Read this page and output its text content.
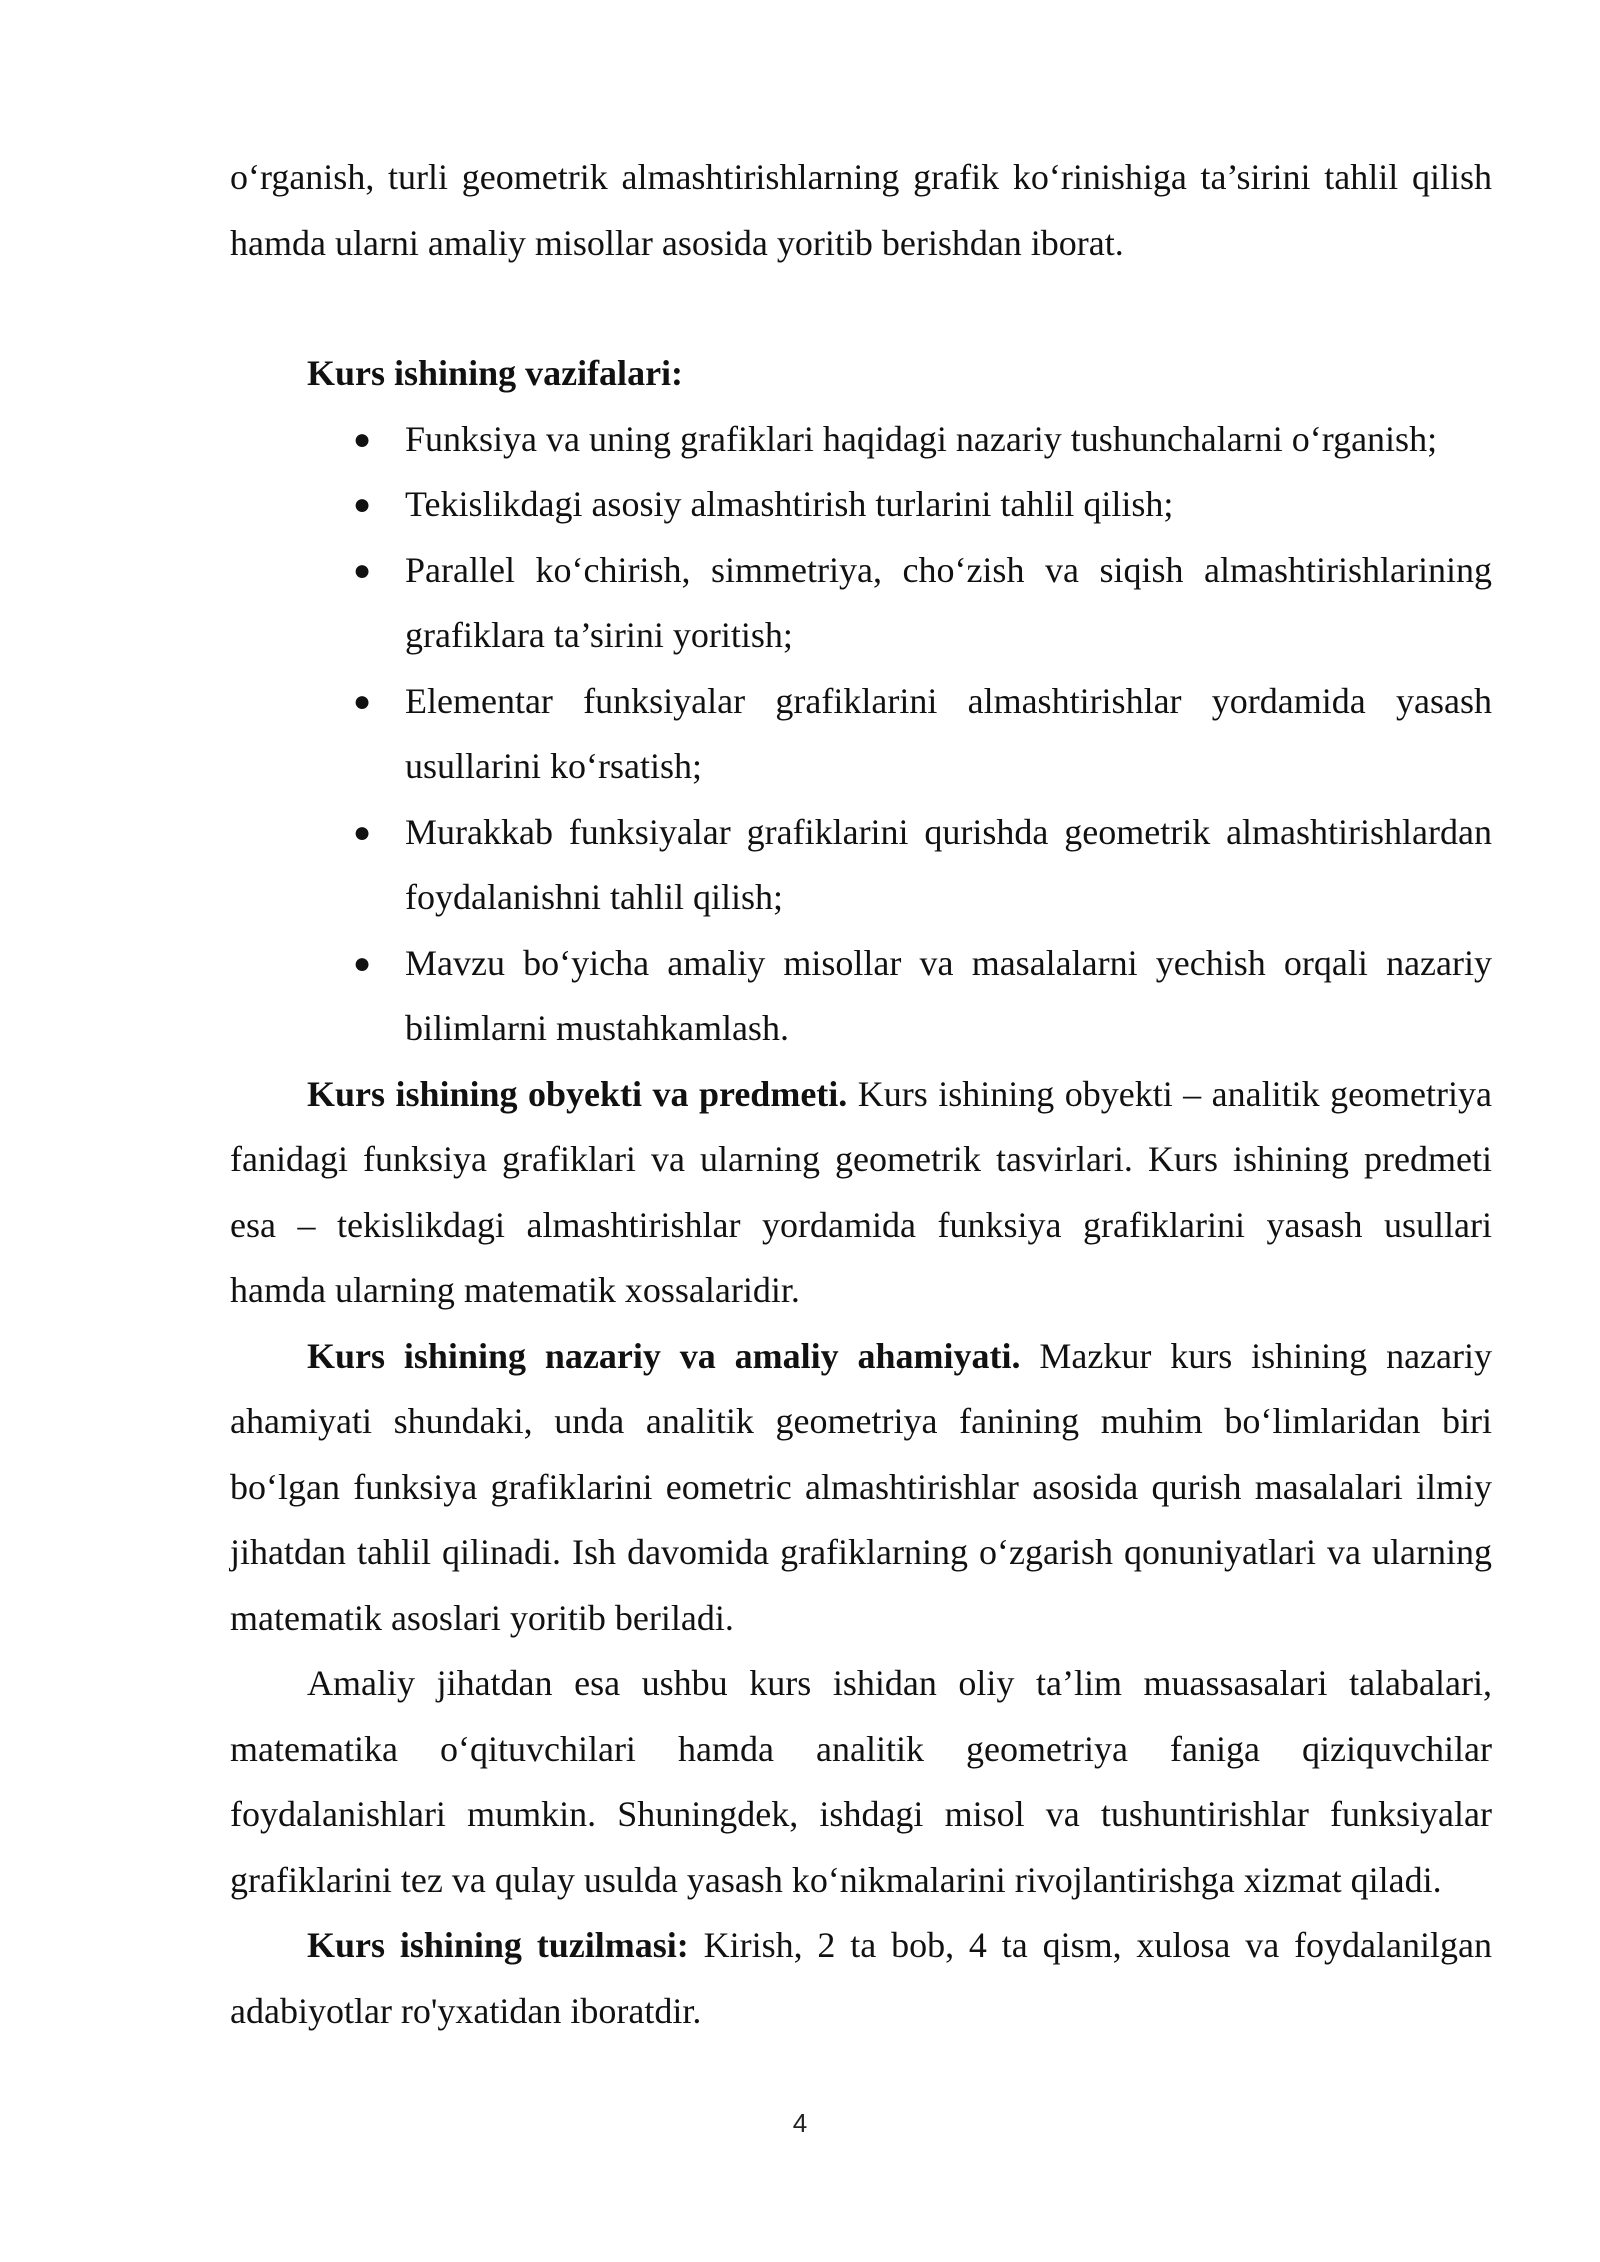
o‘rganish, turli geometrik almashtirishlarning grafik ko‘rinishiga ta’sirini tahlil qilish hamda ularni amaliy misollar asosida yoritib berishdan iborat.

Kurs ishining vazifalari:
● Funksiya va uning grafiklari haqidagi nazariy tushunchalarni o‘rganish;
● Tekislikdagi asosiy almashtirish turlarini tahlil qilish;
● Parallel ko‘chirish, simmetriya, cho‘zish va siqish almashtirishlarining grafiklara ta’sirini yoritish;
● Elementar funksiyalar grafiklarini almashtirishlar yordamida yasash usullarini ko‘rsatish;
● Murakkab funksiyalar grafiklarini qurishda geometrik almashtirishlardan foydalanishni tahlil qilish;
● Mavzu bo‘yicha amaliy misollar va masalalarni yechish orqali nazariy bilimlarni mustahkamlash.

Kurs ishining obyekti va predmeti. Kurs ishining obyekti – analitik geometriya fanidagi funksiya grafiklari va ularning geometrik tasvirlari. Kurs ishining predmeti esa – tekislikdagi almashtirishlar yordamida funksiya grafiklarini yasash usullari hamda ularning matematik xossalaridir.

Kurs ishining nazariy va amaliy ahamiyati. Mazkur kurs ishining nazariy ahamiyati shundaki, unda analitik geometriya fanining muhim bo‘limlaridan biri bo‘lgan funksiya grafiklarini eometric almashtirishlar asosida qurish masalalari ilmiy jihatdan tahlil qilinadi. Ish davomida grafiklarning o‘zgarish qonuniyatlari va ularning matematik asoslari yoritib beriladi.

Amaliy jihatdan esa ushbu kurs ishidan oliy ta’lim muassasalari talabalari, matematika o‘qituvchilari hamda analitik geometriya faniga qiziquvchilar foydalanishlari mumkin. Shuningdek, ishdagi misol va tushuntirishlar funksiyalar grafiklarini tez va qulay usulda yasash ko‘nikmalarini rivojlantirishga xizmat qiladi.

Kurs ishining tuzilmasi: Kirish, 2 ta bob, 4 ta qism, xulosa va foydalanilgan adabiyotlar ro'yxatidan iboratdir.

4
